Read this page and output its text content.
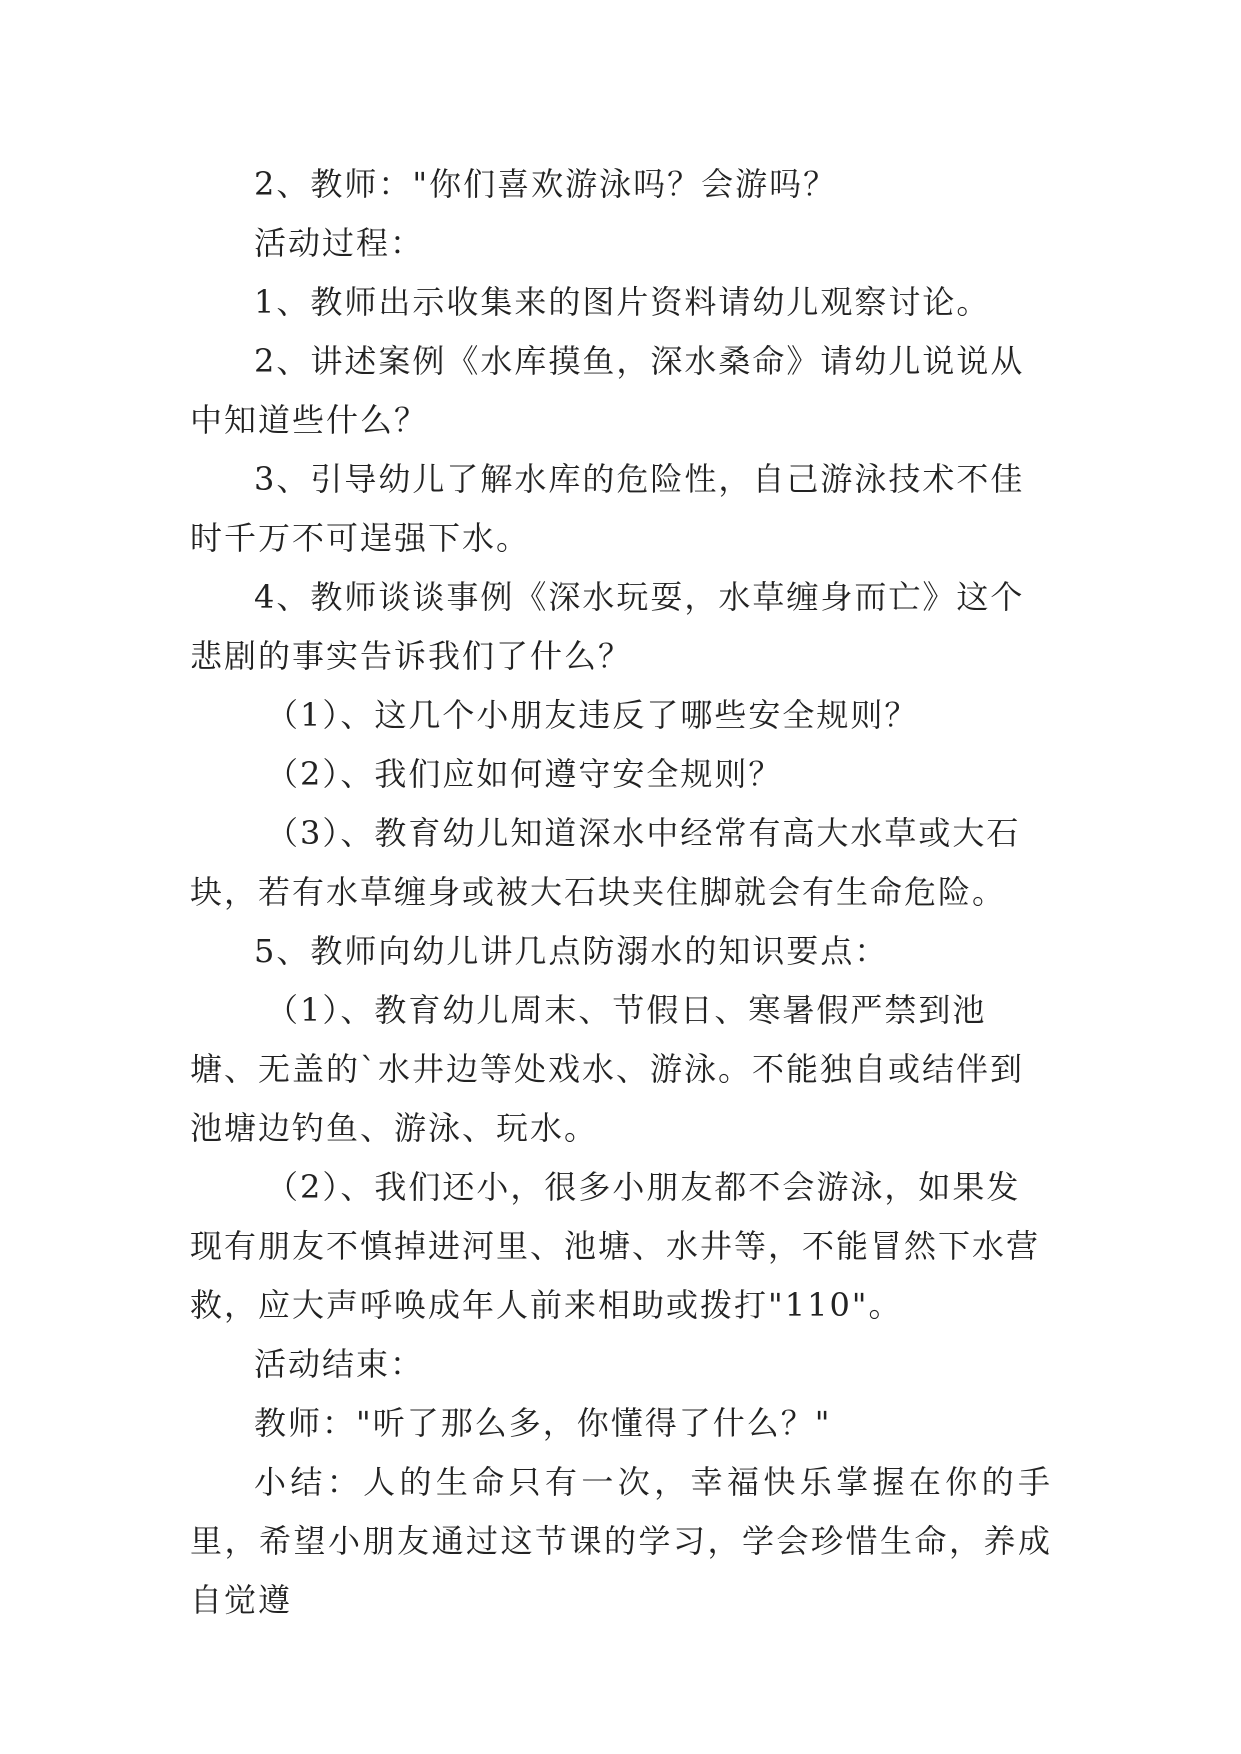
2、教师："你们喜欢游泳吗？会游吗？

活动过程：

1、教师出示收集来的图片资料请幼儿观察讨论。

2、讲述案例《水库摸鱼，深水桑命》请幼儿说说从中知道些什么？

3、引导幼儿了解水库的危险性，自己游泳技术不佳时千万不可逞强下水。

4、教师谈谈事例《深水玩耍，水草缠身而亡》这个悲剧的事实告诉我们了什么？

（1）、这几个小朋友违反了哪些安全规则？

（2）、我们应如何遵守安全规则？

（3）、教育幼儿知道深水中经常有高大水草或大石块，若有水草缠身或被大石块夹住脚就会有生命危险。

5、教师向幼儿讲几点防溺水的知识要点：

（1）、教育幼儿周末、节假日、寒暑假严禁到池塘、无盖的`水井边等处戏水、游泳。不能独自或结伴到池塘边钓鱼、游泳、玩水。

（2）、我们还小，很多小朋友都不会游泳，如果发现有朋友不慎掉进河里、池塘、水井等，不能冒然下水营救，应大声呼唤成年人前来相助或拨打"110"。

活动结束：

教师："听了那么多，你懂得了什么？"

小结：人的生命只有一次，幸福快乐掌握在你的手里，希望小朋友通过这节课的学习，学会珍惜生命，养成自觉遵
